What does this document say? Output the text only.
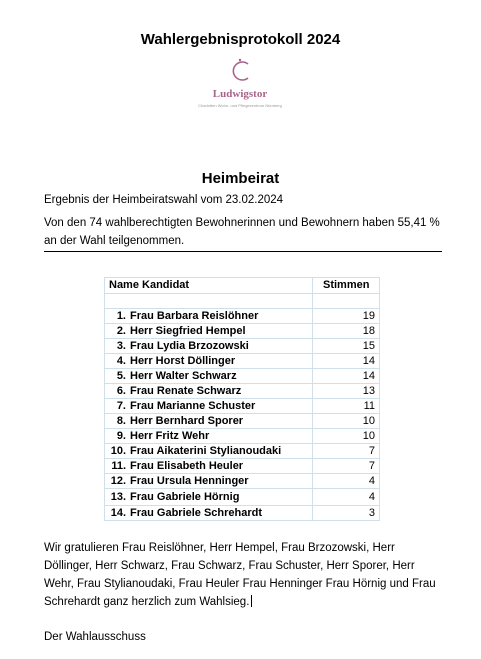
Wahlergebnisprotokoll 2024
Ludwigstor
Charlotten Wohn- und Pflegezentrum Nürnberg
Heimbeirat
Ergebnis der Heimbeiratswahl vom 23.02.2024
Von den 74 wahlberechtigten Bewohnerinnen und Bewohnern haben 55,41 % an der Wahl teilgenommen.
Name Kandidat	Stimmen

1. Frau Barbara Reislöhner	19
2. Herr Siegfried Hempel	18
3. Frau Lydia Brzozowski	15
4. Herr Horst Döllinger	14
5. Herr Walter Schwarz	14
6. Frau Renate Schwarz	13
7. Frau Marianne Schuster	11
8. Herr Bernhard Sporer	10
9. Herr Fritz Wehr	10
10. Frau Aikaterini Stylianoudaki	7
11. Frau Elisabeth Heuler	7
12. Frau Ursula Henninger	4
13. Frau Gabriele Hörnig	4
14. Frau Gabriele Schrehardt	3
Wir gratulieren Frau Reislöhner, Herr Hempel, Frau Brzozowski, Herr Döllinger, Herr Schwarz, Frau Schwarz, Frau Schuster, Herr Sporer, Herr Wehr, Frau Stylianoudaki, Frau Heuler Frau Henninger Frau Hörnig und Frau Schrehardt ganz herzlich zum Wahlsieg.
Der Wahlausschuss
